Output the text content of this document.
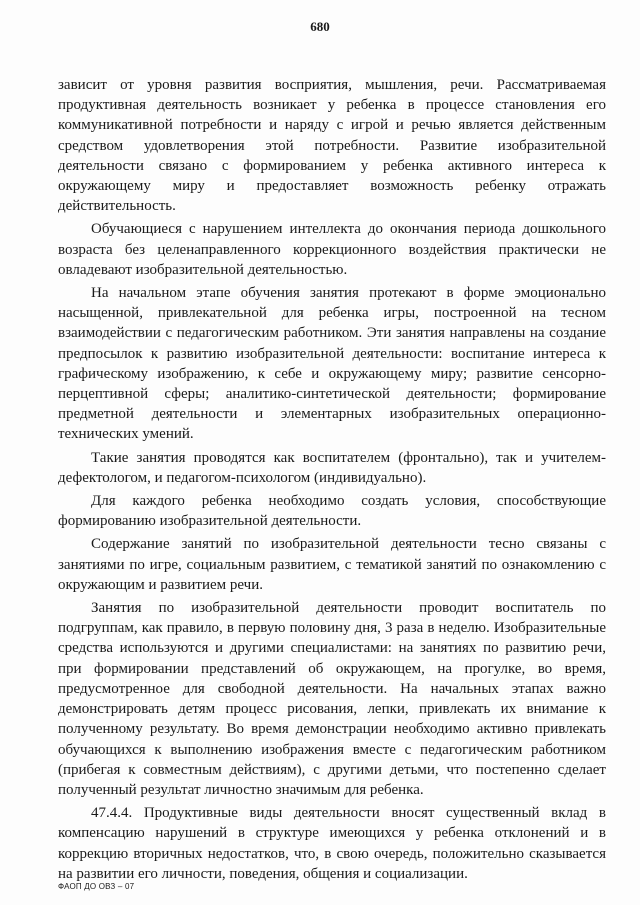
680

зависит от уровня развития восприятия, мышления, речи. Рассматриваемая продуктивная деятельность возникает у ребенка в процессе становления его коммуникативной потребности и наряду с игрой и речью является действенным средством удовлетворения этой потребности. Развитие изобразительной деятельности связано с формированием у ребенка активного интереса к окружающему миру и предоставляет возможность ребенку отражать действительность.

Обучающиеся с нарушением интеллекта до окончания периода дошкольного возраста без целенаправленного коррекционного воздействия практически не овладевают изобразительной деятельностью.

На начальном этапе обучения занятия протекают в форме эмоционально насыщенной, привлекательной для ребенка игры, построенной на тесном взаимодействии с педагогическим работником. Эти занятия направлены на создание предпосылок к развитию изобразительной деятельности: воспитание интереса к графическому изображению, к себе и окружающему миру; развитие сенсорно-перцептивной сферы; аналитико-синтетической деятельности; формирование предметной деятельности и элементарных изобразительных операционно-технических умений.

Такие занятия проводятся как воспитателем (фронтально), так и учителем-дефектологом, и педагогом-психологом (индивидуально).

Для каждого ребенка необходимо создать условия, способствующие формированию изобразительной деятельности.

Содержание занятий по изобразительной деятельности тесно связаны с занятиями по игре, социальным развитием, с тематикой занятий по ознакомлению с окружающим и развитием речи.

Занятия по изобразительной деятельности проводит воспитатель по подгруппам, как правило, в первую половину дня, 3 раза в неделю. Изобразительные средства используются и другими специалистами: на занятиях по развитию речи, при формировании представлений об окружающем, на прогулке, во время, предусмотренное для свободной деятельности. На начальных этапах важно демонстрировать детям процесс рисования, лепки, привлекать их внимание к полученному результату. Во время демонстрации необходимо активно привлекать обучающихся к выполнению изображения вместе с педагогическим работником (прибегая к совместным действиям), с другими детьми, что постепенно сделает полученный результат личностно значимым для ребенка.

47.4.4. Продуктивные виды деятельности вносят существенный вклад в компенсацию нарушений в структуре имеющихся у ребенка отклонений и в коррекцию вторичных недостатков, что, в свою очередь, положительно сказывается на развитии его личности, поведения, общения и социализации.

ФАОП ДО ОВЗ – 07
